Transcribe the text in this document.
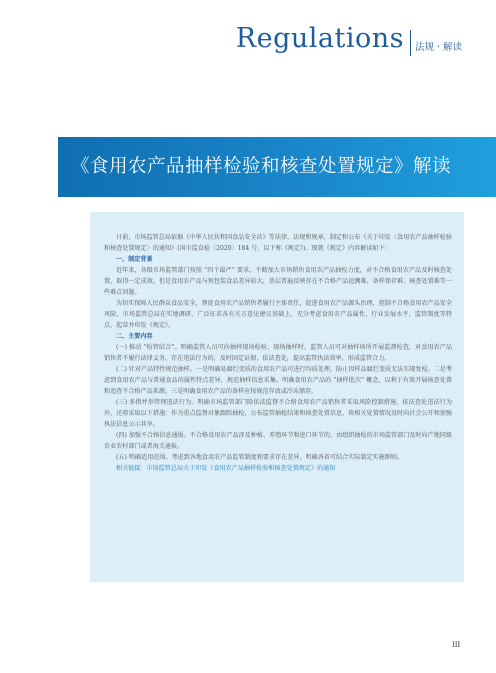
Regulations 法规 · 解读
《食用农产品抽样检验和核查处置规定》解读

日前，市场监管总局依据《中华人民共和国食品安全法》等法律、法规和规章，制定和公布《关于印发〈食用农产品抽样检验和核查处置规定〉的通知》(国市监食检〔2020〕184 号，以下称《规定》)。现就《规定》内容解读如下：

一、制定背景

近年来，各级市场监管部门按照 “四个最严” 要求，不断加大市场销售食用农产品抽检力度，对不合格食用农产品及时核查处置，取得一定成效。但是食用农产品与预包装食品差异较大，基层普遍反映存在不合格产品追溯难、备样保存难、核查处置难等一些难点问题。

为切实保障人民群众食品安全，督促食用农产品销售者履行主体责任，促进食用农产品源头治理，控制不合格食用农产品安全风险，市场监管总局在实地调研、广泛征求各有关方意见建议基础上，充分考虑食用农产品属性、行业发展水平、监管制度等特点，起草并印发《规定》。

二、主要内容

(一) 推动 “检管结合”。明确监管人员可向抽样现场检验、现场抽样时，监管人员可对抽样场所开展监督检查，对食用农产品销售者不履行法律义务、存在违法行为的，及时固定证据，依法查处，提高监管执法效率，形成监管合力。

(二) 针对产品特性规范抽样。一是明确易腐烂变质的食用农产品可进行均质处理，防止因样品腐烂变质无法实现复检。二是考虑到食用农产品与普通食品的属性特点差异，规范抽样信息采集，明确食用农产品的 “抽样批次” 概念，以利于有效开展核查处置和追查不合格产品来源。三是明确食用农产品的备样应按规范存放或冷冻储存。

(三) 多措并举管理违法行为。明确市场监管部门除依法监督不合格食用农产品销售者采取风险控制措施，依法查处违法行为外，还将采取以下措施：作为重点监督对象跟踪抽检，公布监管抽检结果和核查处置信息，将相关处置情况及时向社会公开和加强执法信息公示共享。

(四) 加强不合格信息通报。不合格食用农产品涉及种植、养殖环节和进口环节的，由组织抽检的市场监管部门及时向产地同级农业农村部门或者海关通报。

(五) 明确适用范围。考虑到各地食用农产品监管制度和要求存在差异，明确各省可结合实际制定实施细则。

相关链接：市场监管总局关于印发《食用农产品抽样检验和核查处置规定》的通知

III
